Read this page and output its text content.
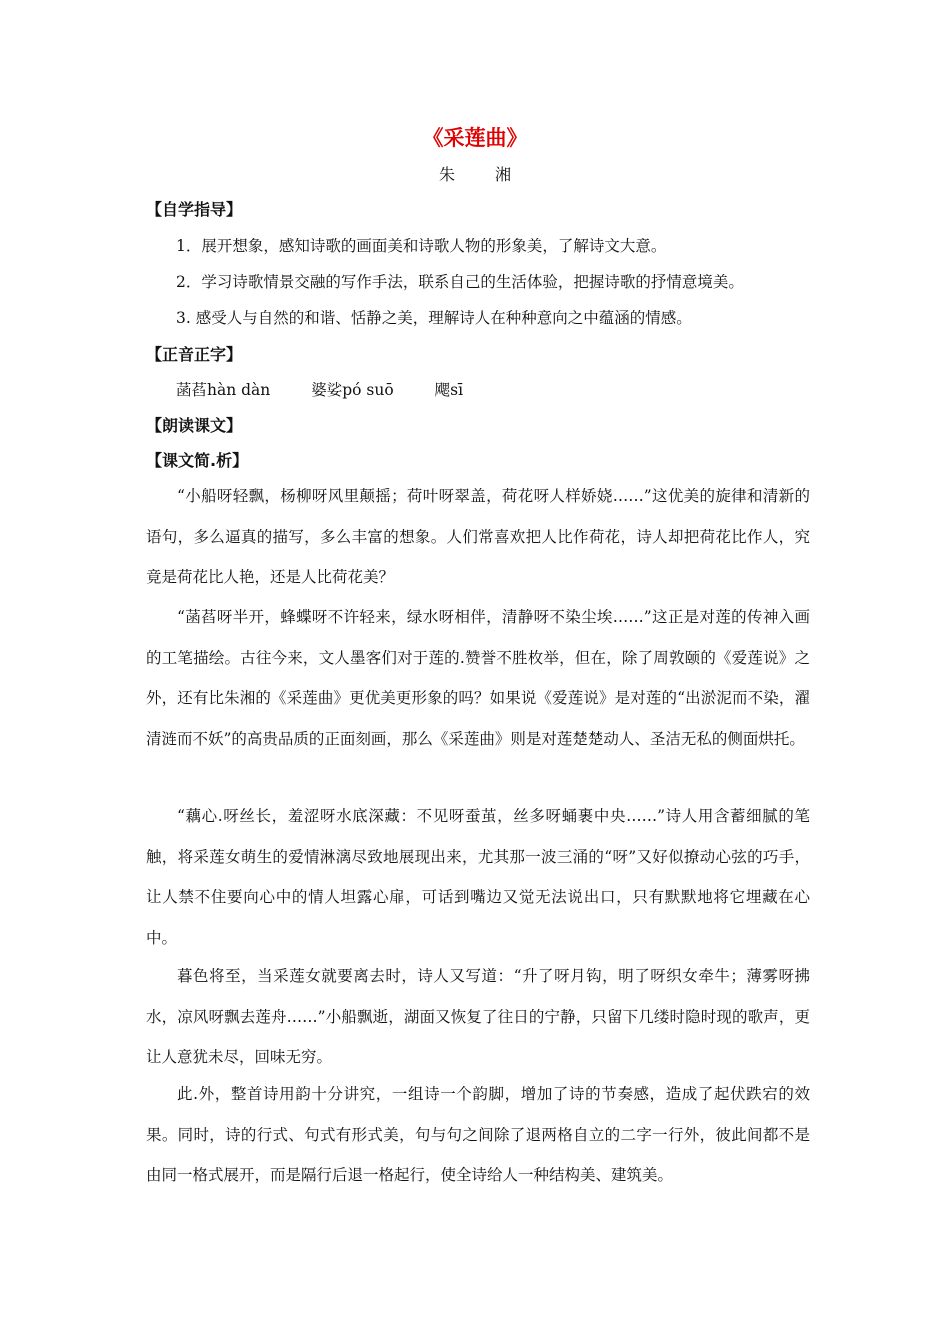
《采莲曲》
朱　湘
【自学指导】
1．展开想象，感知诗歌的画面美和诗歌人物的形象美，了解诗文大意。
2．学习诗歌情景交融的写作手法，联系自己的生活体验，把握诗歌的抒情意境美。
3. 感受人与自然的和谐、恬静之美，理解诗人在种种意向之中蕴涵的情感。
【正音正字】
菡萏hàn dàn	婆娑pó suō	飔sī
【朗读课文】
【课文简.析】

“小船呀轻飘，杨柳呀风里颠摇；荷叶呀翠盖，荷花呀人样娇娆……”这优美的旋律和清新的语句，多么逼真的描写，多么丰富的想象。人们常喜欢把人比作荷花，诗人却把荷花比作人，究竟是荷花比人艳，还是人比荷花美？

“菡萏呀半开，蜂蝶呀不许轻来，绿水呀相伴，清静呀不染尘埃……”这正是对莲的传神入画的工笔描绘。古往今来，文人墨客们对于莲的.赞誉不胜枚举，但在，除了周敦颐的《爱莲说》之外，还有比朱湘的《采莲曲》更优美更形象的吗？如果说《爱莲说》是对莲的“出淤泥而不染，濯清涟而不妖”的高贵品质的正面刻画，那么《采莲曲》则是对莲楚楚动人、圣洁无私的侧面烘托。

“藕心.呀丝长，羞涩呀水底深藏：不见呀蚕茧，丝多呀蛹裹中央……”诗人用含蓄细腻的笔触，将采莲女萌生的爱情淋漓尽致地展现出来，尤其那一波三涌的“呀”又好似撩动心弦的巧手，让人禁不住要向心中的情人坦露心扉，可话到嘴边又觉无法说出口，只有默默地将它埋藏在心中。

暮色将至，当采莲女就要离去时，诗人又写道：“升了呀月钩，明了呀织女牵牛；薄雾呀拂水，凉风呀飘去莲舟……”小船飘逝，湖面又恢复了往日的宁静，只留下几缕时隐时现的歌声，更让人意犹未尽，回味无穷。

此.外，整首诗用韵十分讲究，一组诗一个韵脚，增加了诗的节奏感，造成了起伏跌宕的效果。同时，诗的行式、句式有形式美，句与句之间除了退两格自立的二字一行外，彼此间都不是由同一格式展开，而是隔行后退一格起行，使全诗给人一种结构美、建筑美。
